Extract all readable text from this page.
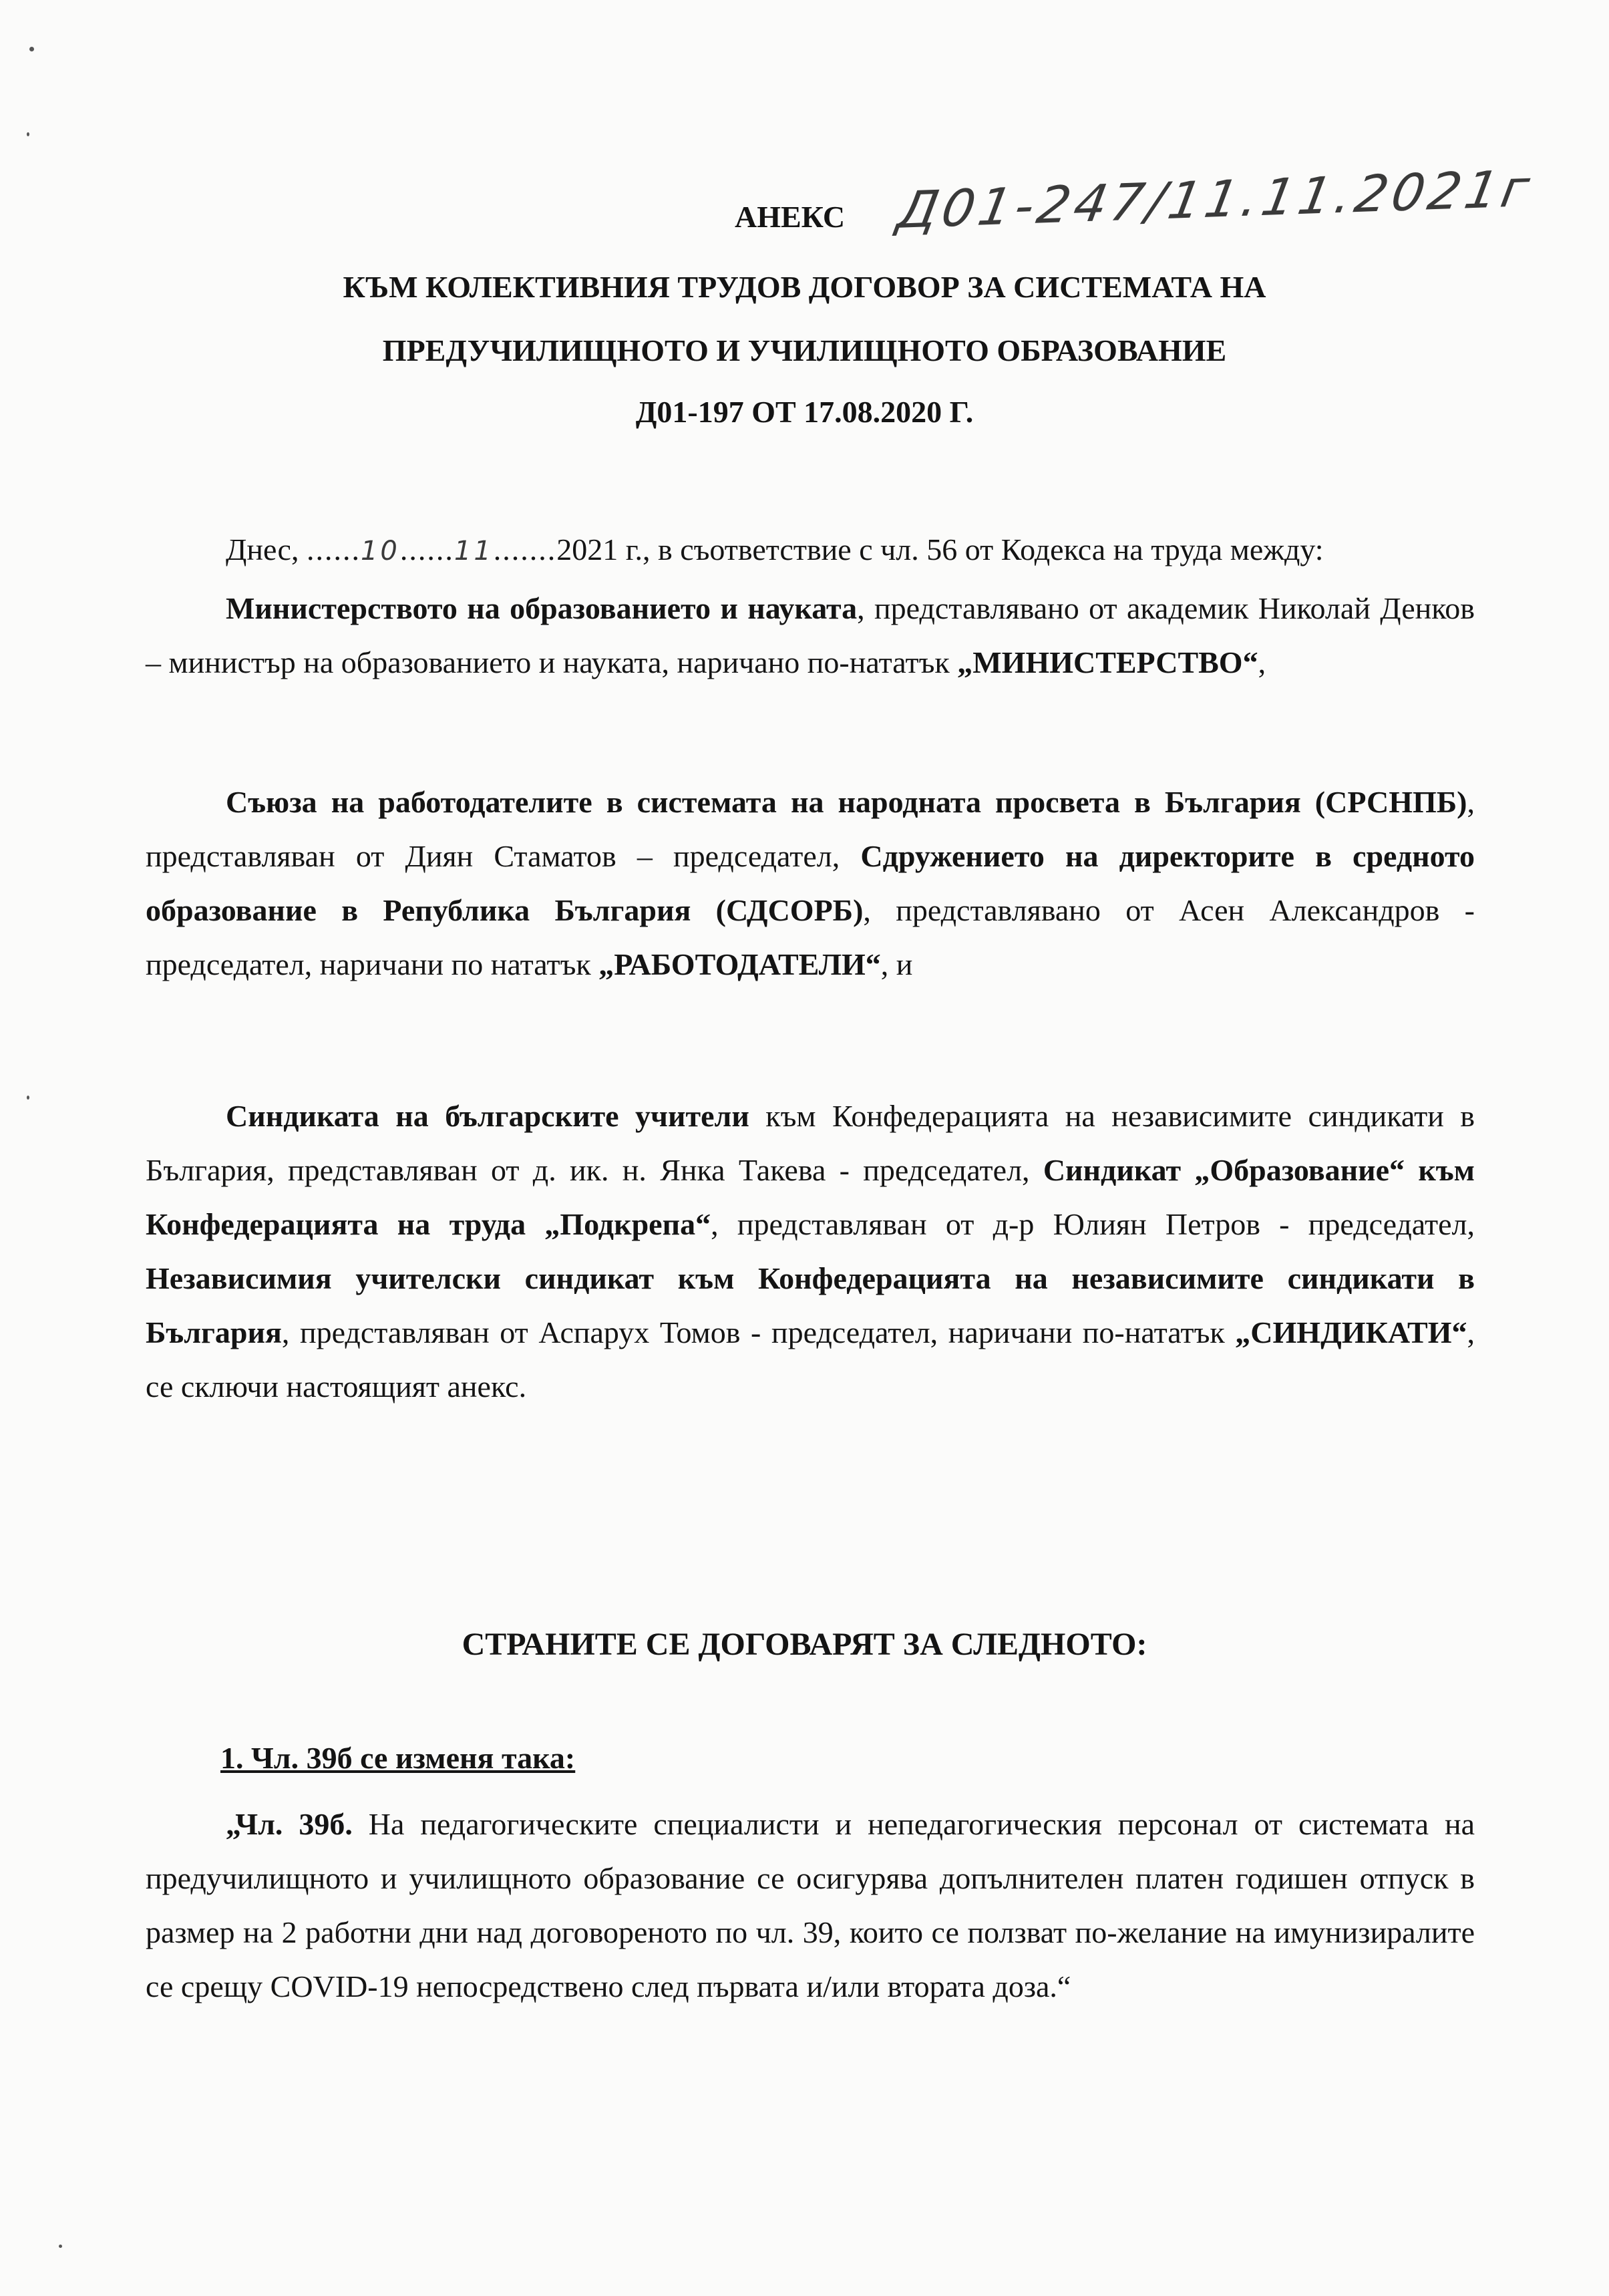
АНЕКС Д01-247/11.11.2021г
КЪМ КОЛЕКТИВНИЯ ТРУДОВ ДОГОВОР ЗА СИСТЕМАТА НА
ПРЕДУЧИЛИЩНОТО И УЧИЛИЩНОТО ОБРАЗОВАНИЕ
Д01-197 ОТ 17.08.2020 Г.
Днес, ......10......11.......2021 г., в съответствие с чл. 56 от Кодекса на труда между:
Министерството на образованието и науката, представлявано от академик Николай Денков – министър на образованието и науката, наричано по-нататък „МИНИСТЕРСТВО“,
Съюза на работодателите в системата на народната просвета в България (СРСНПБ), представляван от Диян Стаматов – председател, Сдружението на директорите в средното образование в Република България (СДСОРБ), представлявано от Асен Александров - председател, наричани по нататък „РАБОТОДАТЕЛИ“, и
Синдиката на българските учители към Конфедерацията на независимите синдикати в България, представляван от д. ик. н. Янка Такева - председател, Синдикат „Образование“ към Конфедерацията на труда „Подкрепа“, представляван от д-р Юлиян Петров - председател, Независимия учителски синдикат към Конфедерацията на независимите синдикати в България, представляван от Аспарух Томов - председател, наричани по-нататък „СИНДИКАТИ“, се сключи настоящият анекс.
СТРАНИТЕ СЕ ДОГОВАРЯТ ЗА СЛЕДНОТО:
1. Чл. 39б се изменя така:
„Чл. 39б. На педагогическите специалисти и непедагогическия персонал от системата на предучилищното и училищното образование се осигурява допълнителен платен годишен отпуск в размер на 2 работни дни над договореното по чл. 39, които се ползват по-желание на имунизиралите се срещу COVID-19 непосредствено след първата и/или втората доза.“
